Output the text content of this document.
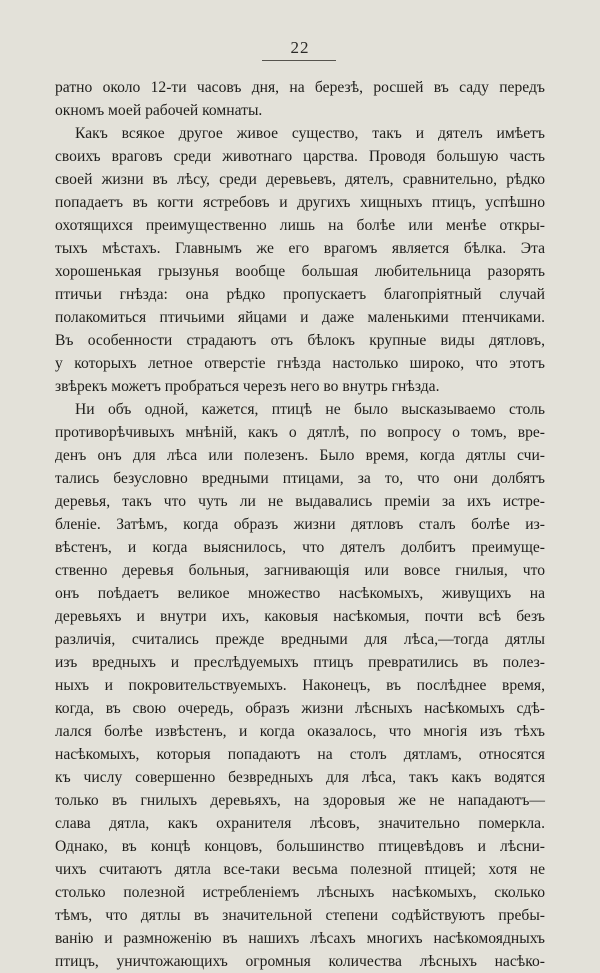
22
ратно около 12-ти часовъ дня, на березѣ, росшей въ саду передъ
окномъ моей рабочей комнаты.
Какъ всякое другое живое существо, такъ и дятелъ имѣетъ
своихъ враговъ среди животнаго царства. Проводя большую часть
своей жизни въ лѣсу, среди деревьевъ, дятелъ, сравнительно, рѣдко
попадаетъ въ когти ястребовъ и другихъ хищныхъ птицъ, успѣшно
охотящихся преимущественно лишь на болѣе или менѣе откры-
тыхъ мѣстахъ. Главнымъ же его врагомъ является бѣлка. Эта
хорошенькая грызунья вообще большая любительница разорять
птичьи гнѣзда: она рѣдко пропускаетъ благопріятный случай
полакомиться птичьими яйцами и даже маленькими птенчиками.
Въ особенности страдаютъ отъ бѣлокъ крупные виды дятловъ,
у которыхъ летное отверстіе гнѣзда настолько широко, что этотъ
звѣрекъ можетъ пробраться черезъ него во внутрь гнѣзда.
Ни объ одной, кажется, птицѣ не было высказываемо столь
противорѣчивыхъ мнѣній, какъ о дятлѣ, по вопросу о томъ, вре-
денъ онъ для лѣса или полезенъ. Было время, когда дятлы счи-
тались безусловно вредными птицами, за то, что они долбятъ
деревья, такъ что чуть ли не выдавались преміи за ихъ истре-
бленіе. Затѣмъ, когда образъ жизни дятловъ сталъ болѣе из-
вѣстенъ, и когда выяснилось, что дятелъ долбитъ преимуще-
ственно деревья больныя, загнивающія или вовсе гнилыя, что
онъ поѣдаетъ великое множество насѣкомыхъ, живущихъ на
деревьяхъ и внутри ихъ, каковыя насѣкомыя, почти всѣ безъ
различія, считались прежде вредными для лѣса,—тогда дятлы
изъ вредныхъ и преслѣдуемыхъ птицъ превратились въ полез-
ныхъ и покровительствуемыхъ. Наконецъ, въ послѣднее время,
когда, въ свою очередь, образъ жизни лѣсныхъ насѣкомыхъ сдѣ-
лался болѣе извѣстенъ, и когда оказалось, что многія изъ тѣхъ
насѣкомыхъ, которыя попадаютъ на столъ дятламъ, относятся
къ числу совершенно безвредныхъ для лѣса, такъ какъ водятся
только въ гнилыхъ деревьяхъ, на здоровыя же не нападаютъ—
слава дятла, какъ охранителя лѣсовъ, значительно померкла.
Однако, въ концѣ концовъ, большинство птицевѣдовъ и лѣсни-
чихъ считаютъ дятла все-таки весьма полезной птицей; хотя не
столько полезной истребленіемъ лѣсныхъ насѣкомыхъ, сколько
тѣмъ, что дятлы въ значительной степени содѣйствуютъ пребы-
ванію и размноженію въ нашихъ лѣсахъ многихъ насѣкомоядныхъ
птицъ, уничтожающихъ огромныя количества лѣсныхъ насѣко-
